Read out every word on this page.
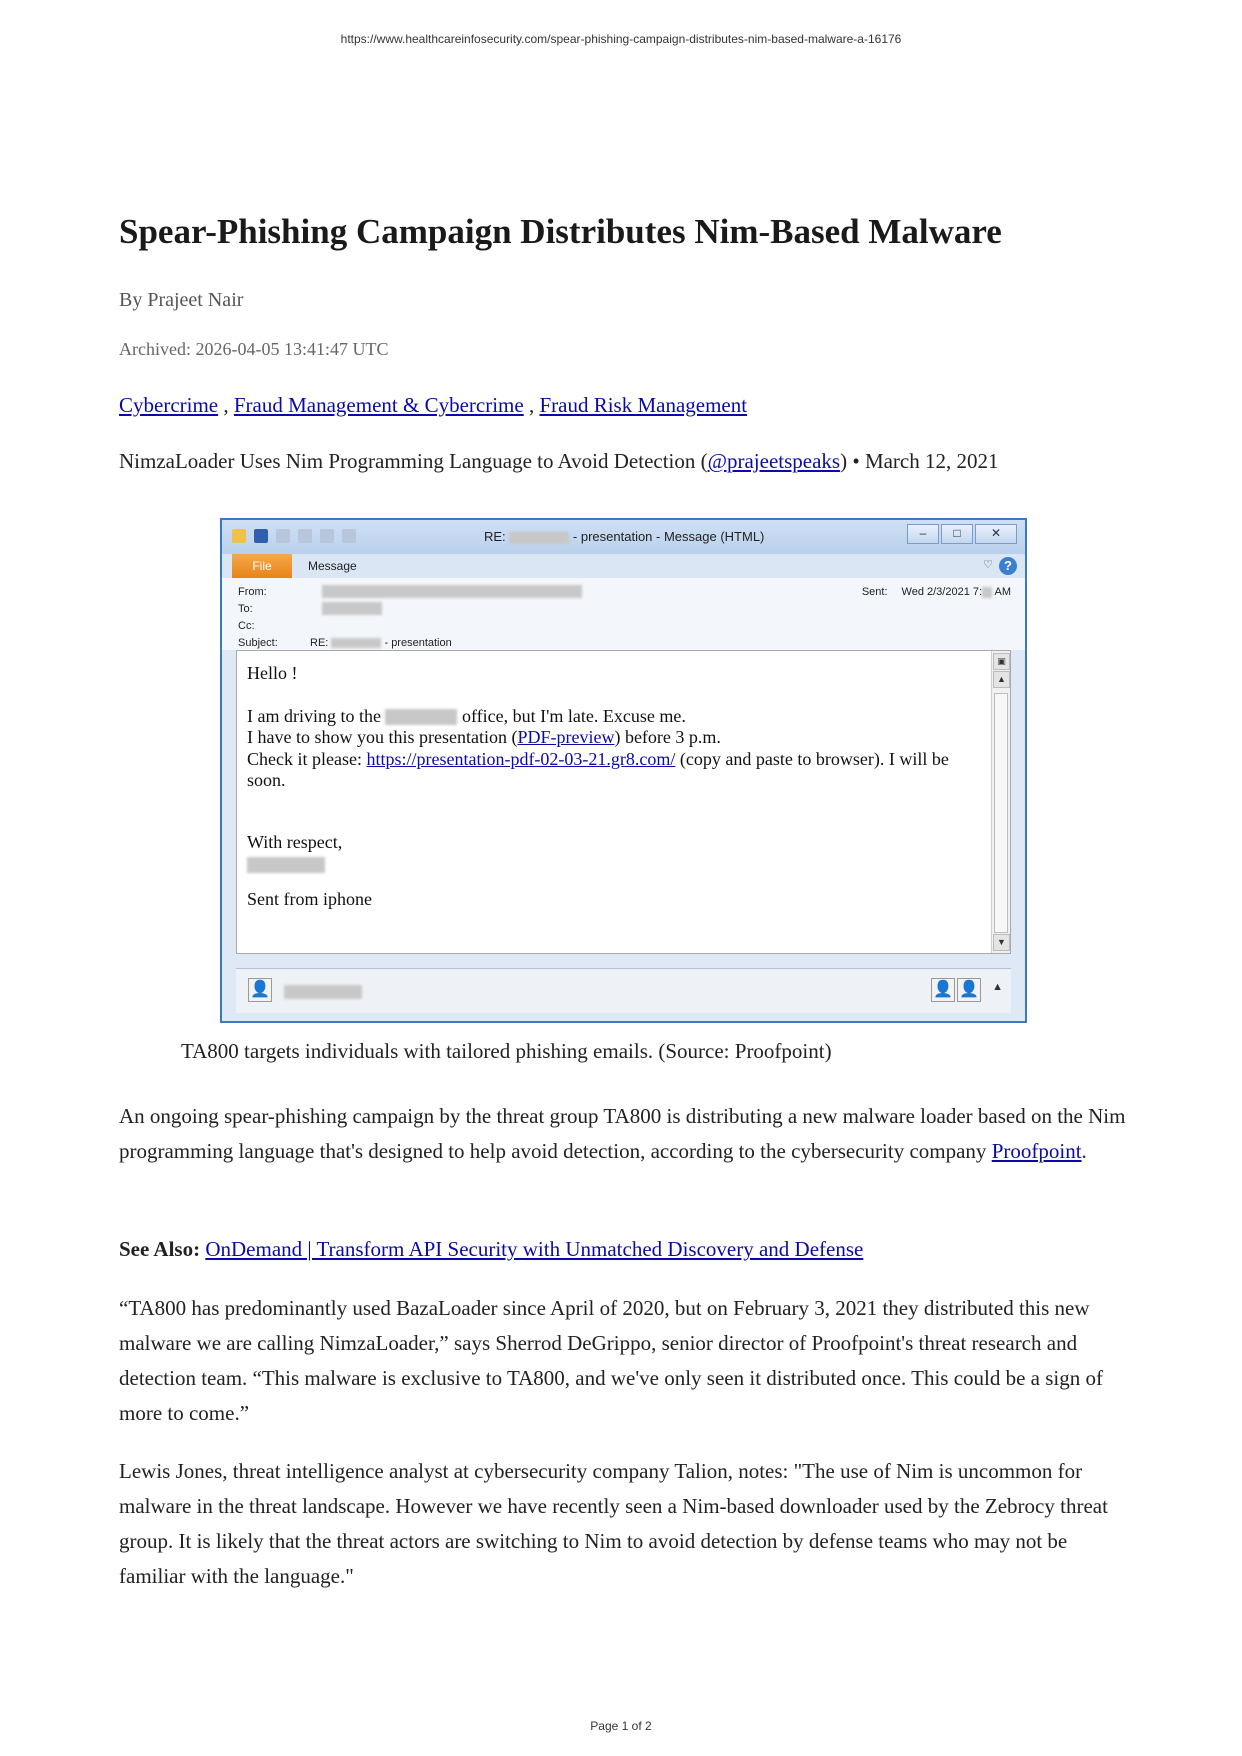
https://www.healthcareinfosecurity.com/spear-phishing-campaign-distributes-nim-based-malware-a-16176
Spear-Phishing Campaign Distributes Nim-Based Malware
By Prajeet Nair
Archived: 2026-04-05 13:41:47 UTC
Cybercrime , Fraud Management & Cybercrime , Fraud Risk Management
NimzaLoader Uses Nim Programming Language to Avoid Detection (@prajeetspeaks) • March 12, 2021
TA800 targets individuals with tailored phishing emails. (Source: Proofpoint)

An ongoing spear-phishing campaign by the threat group TA800 is distributing a new malware loader based on the Nim programming language that's designed to help avoid detection, according to the cybersecurity company Proofpoint.

See Also: OnDemand | Transform API Security with Unmatched Discovery and Defense

“TA800 has predominantly used BazaLoader since April of 2020, but on February 3, 2021 they distributed this new malware we are calling NimzaLoader,” says Sherrod DeGrippo, senior director of Proofpoint's threat research and detection team. “This malware is exclusive to TA800, and we've only seen it distributed once. This could be a sign of more to come.”

Lewis Jones, threat intelligence analyst at cybersecurity company Talion, notes: "The use of Nim is uncommon for malware in the threat landscape. However we have recently seen a Nim-based downloader used by the Zebrocy threat group. It is likely that the threat actors are switching to Nim to avoid detection by defense teams who may not be familiar with the language."

RE:	- presentation - Message (HTML)	–	□	✕
File	Message	♡ ?
From:
To:
Cc:
Subject:	RE:	- presentation
Sent: Wed 2/3/2021 7: AM

Hello !

I am driving to the	office, but I'm late. Excuse me.

I have to show you this presentation (PDF-preview) before 3 p.m.

Check it please: https://presentation-pdf-02-03-21.gr8.com/ (copy and paste to browser). I will be soon.

With respect,

Sent from iphone

▣
▲
▼
👤	👤 👤 ▲
Page 1 of 2
